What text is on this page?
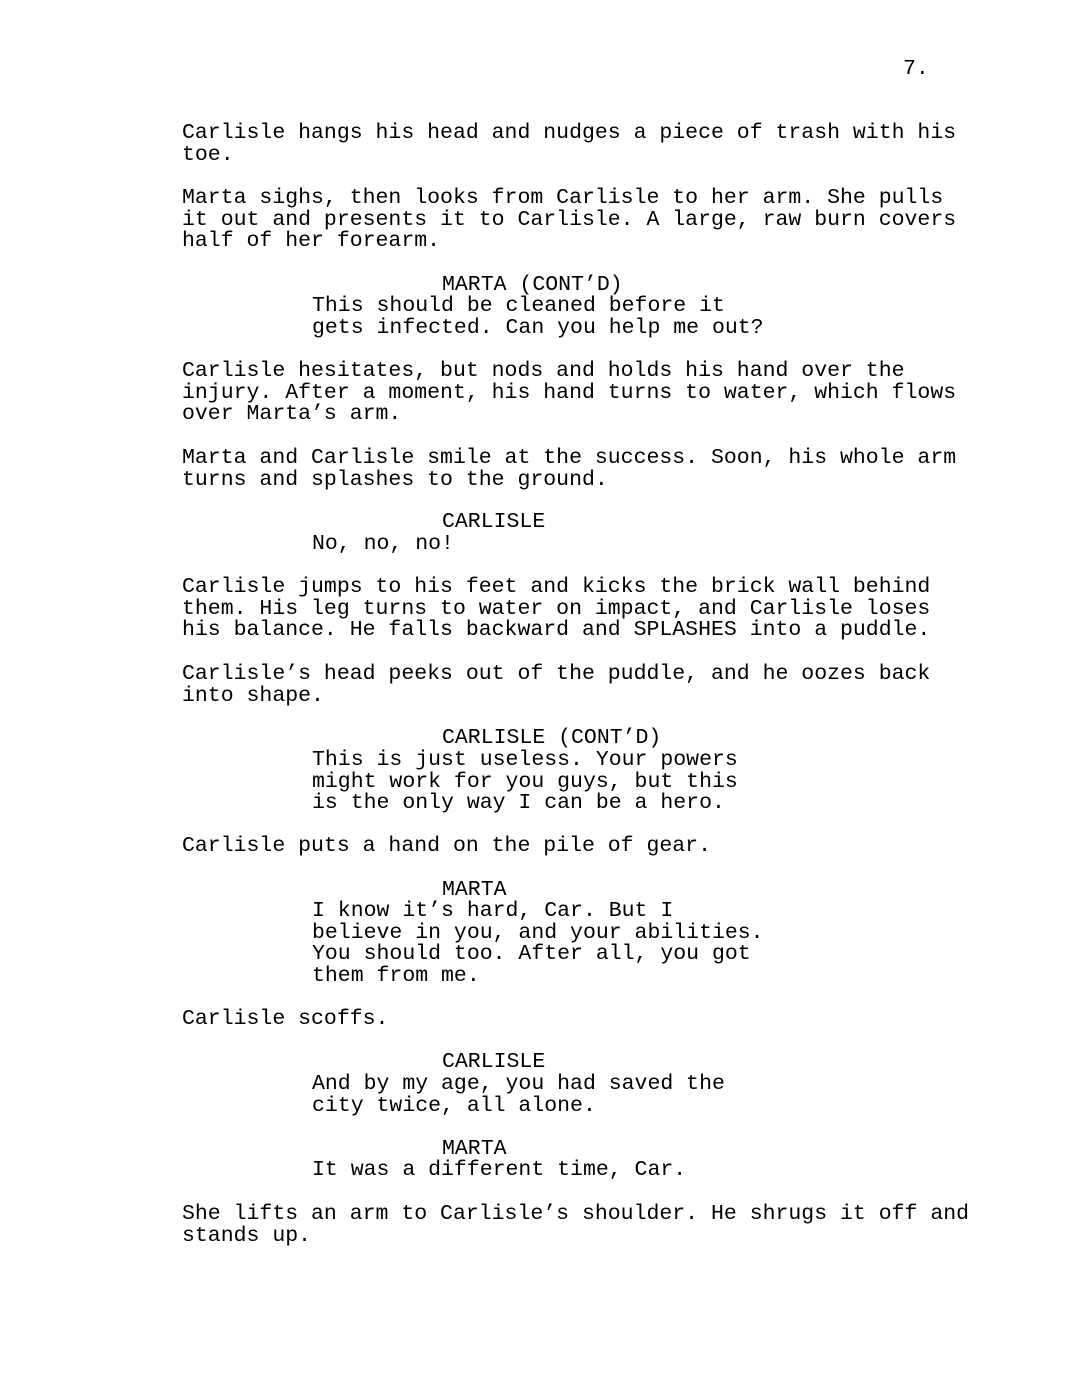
7.
Carlisle hangs his head and nudges a piece of trash with his
toe.
Marta sighs, then looks from Carlisle to her arm. She pulls
it out and presents it to Carlisle. A large, raw burn covers
half of her forearm.
MARTA (CONT’D)
This should be cleaned before it
gets infected. Can you help me out?
Carlisle hesitates, but nods and holds his hand over the
injury. After a moment, his hand turns to water, which flows
over Marta’s arm.
Marta and Carlisle smile at the success. Soon, his whole arm
turns and splashes to the ground.
CARLISLE
No, no, no!
Carlisle jumps to his feet and kicks the brick wall behind
them. His leg turns to water on impact, and Carlisle loses
his balance. He falls backward and SPLASHES into a puddle.
Carlisle’s head peeks out of the puddle, and he oozes back
into shape.
CARLISLE (CONT’D)
This is just useless. Your powers
might work for you guys, but this
is the only way I can be a hero.
Carlisle puts a hand on the pile of gear.
MARTA
I know it’s hard, Car. But I
believe in you, and your abilities.
You should too. After all, you got
them from me.
Carlisle scoffs.
CARLISLE
And by my age, you had saved the
city twice, all alone.
MARTA
It was a different time, Car.
She lifts an arm to Carlisle’s shoulder. He shrugs it off and
stands up.
